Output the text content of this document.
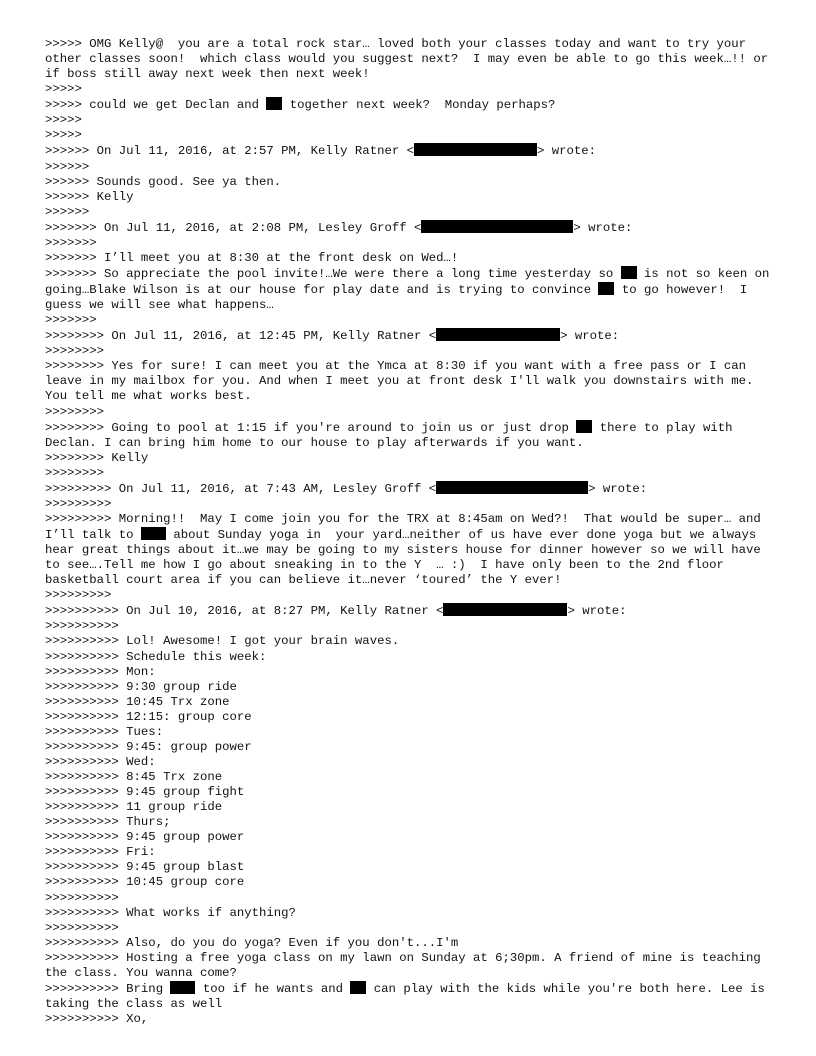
>>>>> OMG Kelly@  you are a total rock star… loved both your classes today and want to try your other classes soon!  which class would you suggest next?  I may even be able to go this week…!! or  if boss still away next week then next week!
>>>>>
>>>>> could we get Declan and  together next week?  Monday perhaps?
>>>>>
>>>>>
>>>>>> On Jul 11, 2016, at 2:57 PM, Kelly Ratner <	> wrote:
>>>>>>
>>>>>> Sounds good. See ya then.
>>>>>> Kelly
>>>>>>
>>>>>>> On Jul 11, 2016, at 2:08 PM, Lesley Groff <	> wrote:
>>>>>>>
>>>>>>> I’ll meet you at 8:30 at the front desk on Wed…!
>>>>>>> So appreciate the pool invite!…We were there a long time yesterday so  is not so keen on going…Blake Wilson is at our house for play date and is trying to convince  to go however!  I guess we will see what happens…
>>>>>>>
>>>>>>>> On Jul 11, 2016, at 12:45 PM, Kelly Ratner <	> wrote:
>>>>>>>>
>>>>>>>> Yes for sure! I can meet you at the Ymca at 8:30 if you want with a free pass or I can leave in my mailbox for you. And when I meet you at front desk I'll walk you downstairs with me. You tell me what works best.
>>>>>>>>
>>>>>>>> Going to pool at 1:15 if you're around to join us or just drop  there to play with Declan. I can bring him home to our house to play afterwards if you want.
>>>>>>>> Kelly
>>>>>>>>
>>>>>>>>> On Jul 11, 2016, at 7:43 AM, Lesley Groff <	> wrote:
>>>>>>>>>
>>>>>>>>> Morning!!  May I come join you for the TRX at 8:45am on Wed?!  That would be super… and I’ll talk to  about Sunday yoga in  your yard…neither of us have ever done yoga but we always hear great things about it…we may be going to my sisters house for dinner however so we will have to see….Tell me how I go about sneaking in to the Y  … :)  I have only been to the 2nd floor basketball court area if you can believe it…never ‘toured’ the Y ever!
>>>>>>>>>
>>>>>>>>>> On Jul 10, 2016, at 8:27 PM, Kelly Ratner <	> wrote:
>>>>>>>>>>
>>>>>>>>>> Lol! Awesome! I got your brain waves.
>>>>>>>>>> Schedule this week:
>>>>>>>>>> Mon:
>>>>>>>>>> 9:30 group ride
>>>>>>>>>> 10:45 Trx zone
>>>>>>>>>> 12:15: group core
>>>>>>>>>> Tues:
>>>>>>>>>> 9:45: group power
>>>>>>>>>> Wed:
>>>>>>>>>> 8:45 Trx zone
>>>>>>>>>> 9:45 group fight
>>>>>>>>>> 11 group ride
>>>>>>>>>> Thurs;
>>>>>>>>>> 9:45 group power
>>>>>>>>>> Fri:
>>>>>>>>>> 9:45 group blast
>>>>>>>>>> 10:45 group core
>>>>>>>>>>
>>>>>>>>>> What works if anything?
>>>>>>>>>>
>>>>>>>>>> Also, do you do yoga? Even if you don't...I'm
>>>>>>>>>> Hosting a free yoga class on my lawn on Sunday at 6;30pm. A friend of mine is teaching the class. You wanna come?
>>>>>>>>>> Bring  too if he wants and  can play with the kids while you're both here. Lee is taking the class as well
>>>>>>>>>> Xo,
